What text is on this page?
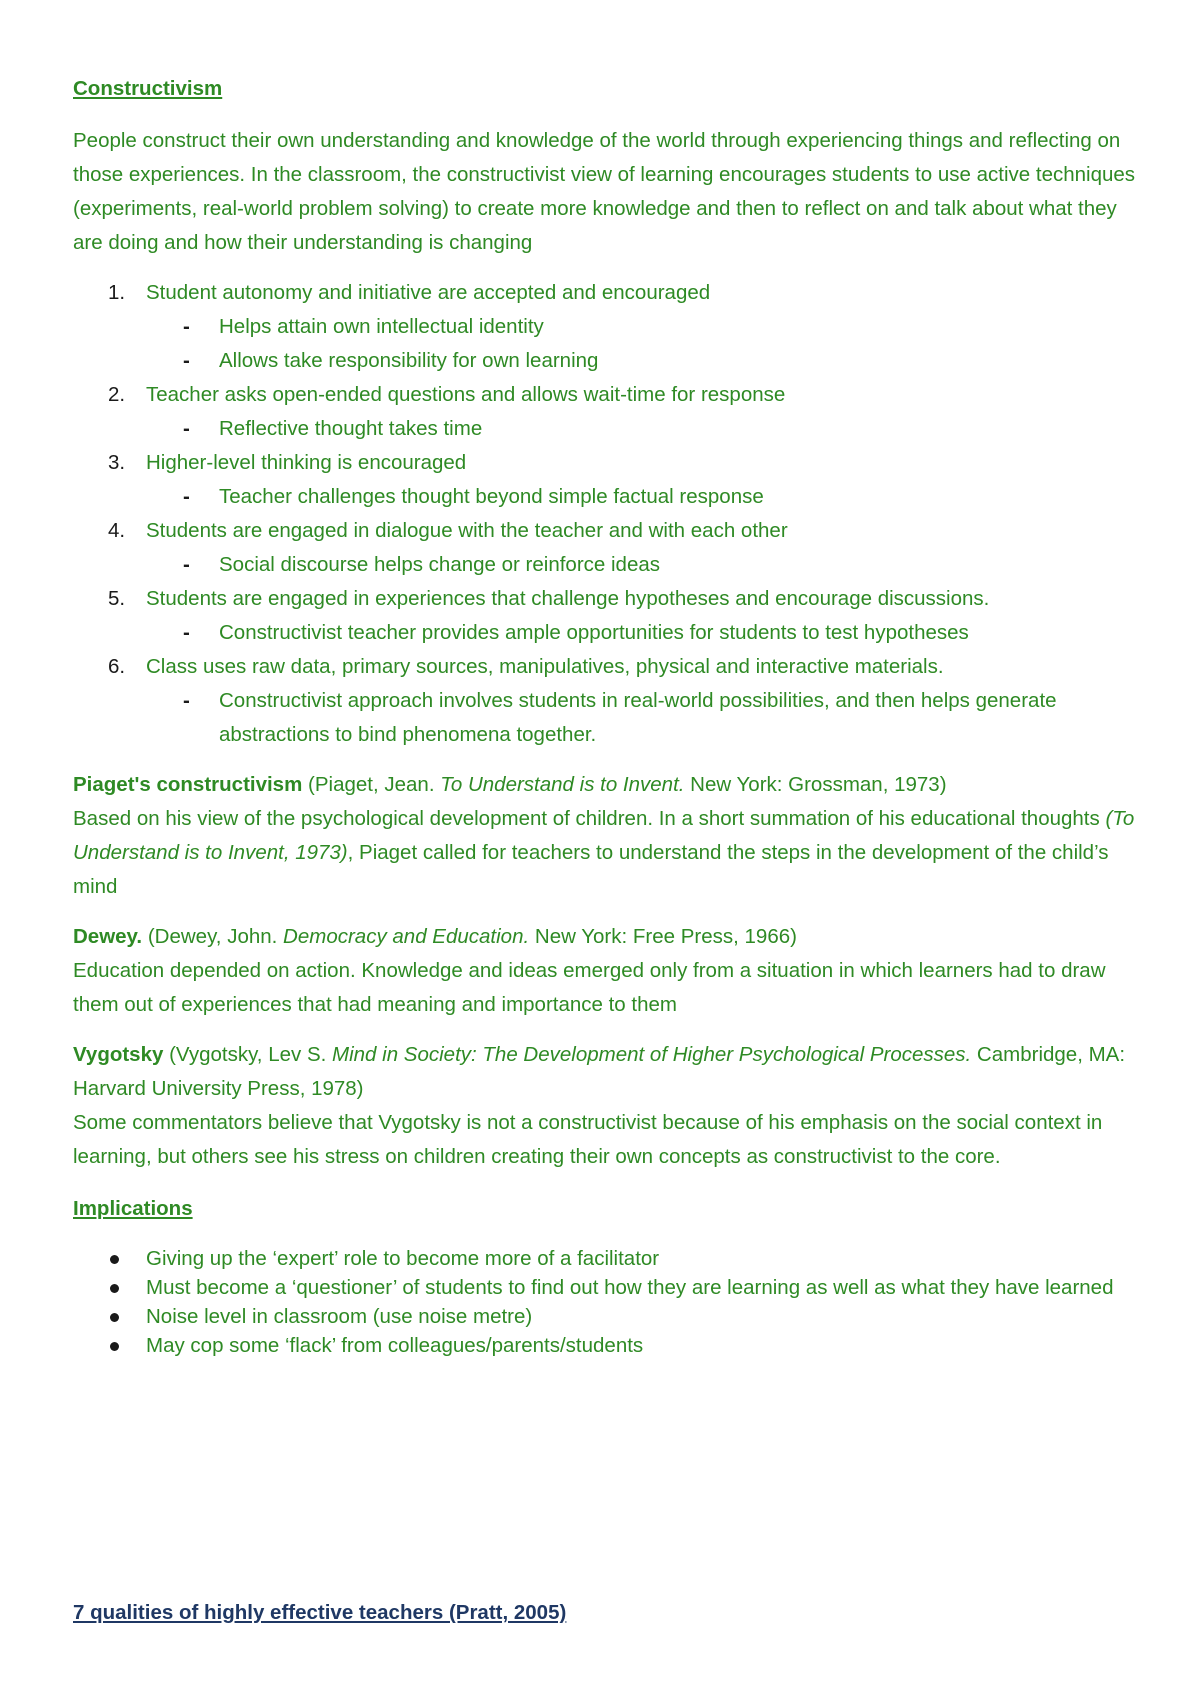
Constructivism
People construct their own understanding and knowledge of the world through experiencing things and reflecting on those experiences. In the classroom, the constructivist view of learning encourages students to use active techniques (experiments, real-world problem solving) to create more knowledge and then to reflect on and talk about what they are doing and how their understanding is changing
1. Student autonomy and initiative are accepted and encouraged
- Helps attain own intellectual identity
- Allows take responsibility for own learning
2. Teacher asks open-ended questions and allows wait-time for response
- Reflective thought takes time
3. Higher-level thinking is encouraged
- Teacher challenges thought beyond simple factual response
4. Students are engaged in dialogue with the teacher and with each other
- Social discourse helps change or reinforce ideas
5. Students are engaged in experiences that challenge hypotheses and encourage discussions.
- Constructivist teacher provides ample opportunities for students to test hypotheses
6. Class uses raw data, primary sources, manipulatives, physical and interactive materials.
- Constructivist approach involves students in real-world possibilities, and then helps generate abstractions to bind phenomena together.
Piaget's constructivism (Piaget, Jean. To Understand is to Invent. New York: Grossman, 1973)
Based on his view of the psychological development of children. In a short summation of his educational thoughts (To Understand is to Invent, 1973), Piaget called for teachers to understand the steps in the development of the child’s mind
Dewey. (Dewey, John. Democracy and Education. New York: Free Press, 1966)
Education depended on action. Knowledge and ideas emerged only from a situation in which learners had to draw them out of experiences that had meaning and importance to them
Vygotsky (Vygotsky, Lev S. Mind in Society: The Development of Higher Psychological Processes. Cambridge, MA: Harvard University Press, 1978)
Some commentators believe that Vygotsky is not a constructivist because of his emphasis on the social context in learning, but others see his stress on children creating their own concepts as constructivist to the core.
Implications
Giving up the ‘expert’ role to become more of a facilitator
Must become a ‘questioner’ of students to find out how they are learning as well as what they have learned
Noise level in classroom (use noise metre)
May cop some ‘flack’ from colleagues/parents/students
7 qualities of highly effective teachers (Pratt, 2005)
